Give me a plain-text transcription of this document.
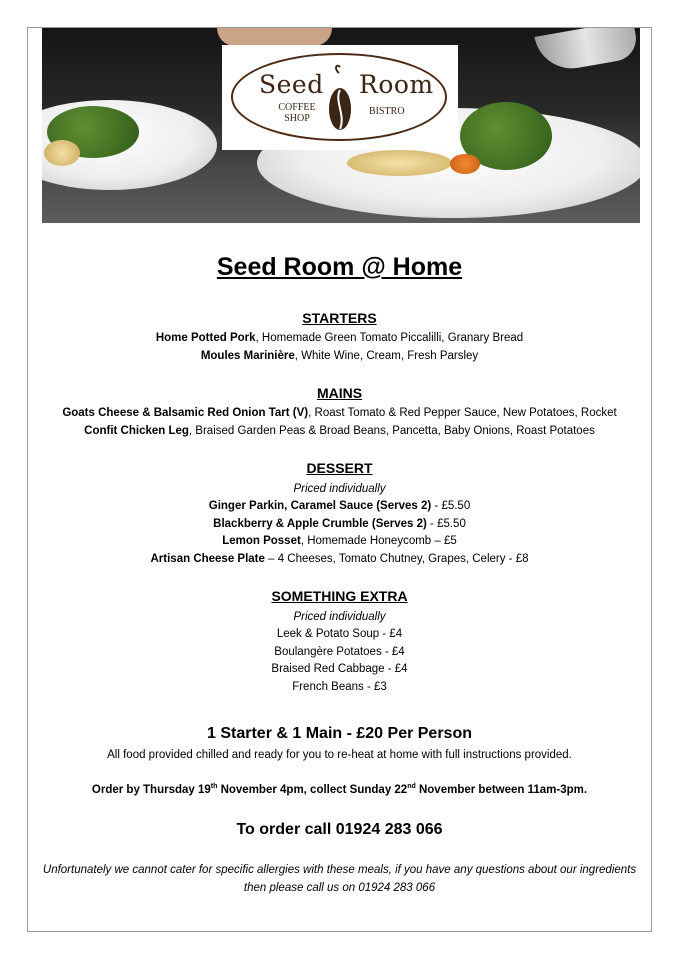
Seed Room
COFFEE SHOP
BISTRO
Seed Room @ Home
STARTERS
Home Potted Pork, Homemade Green Tomato Piccalilli, Granary Bread
Moules Marinière, White Wine, Cream, Fresh Parsley
MAINS
Goats Cheese & Balsamic Red Onion Tart (V), Roast Tomato & Red Pepper Sauce, New Potatoes, Rocket
Confit Chicken Leg, Braised Garden Peas & Broad Beans, Pancetta, Baby Onions, Roast Potatoes
DESSERT
Priced individually
Ginger Parkin, Caramel Sauce (Serves 2) - £5.50
Blackberry & Apple Crumble (Serves 2) - £5.50
Lemon Posset, Homemade Honeycomb – £5
Artisan Cheese Plate – 4 Cheeses, Tomato Chutney, Grapes, Celery - £8
SOMETHING EXTRA
Priced individually
Leek & Potato Soup - £4
Boulangère Potatoes - £4
Braised Red Cabbage - £4
French Beans - £3
1 Starter & 1 Main - £20 Per Person
All food provided chilled and ready for you to re-heat at home with full instructions provided.
Order by Thursday 19th November 4pm, collect Sunday 22nd November between 11am-3pm.
To order call 01924 283 066
Unfortunately we cannot cater for specific allergies with these meals, if you have any questions about our ingredients
then please call us on 01924 283 066
